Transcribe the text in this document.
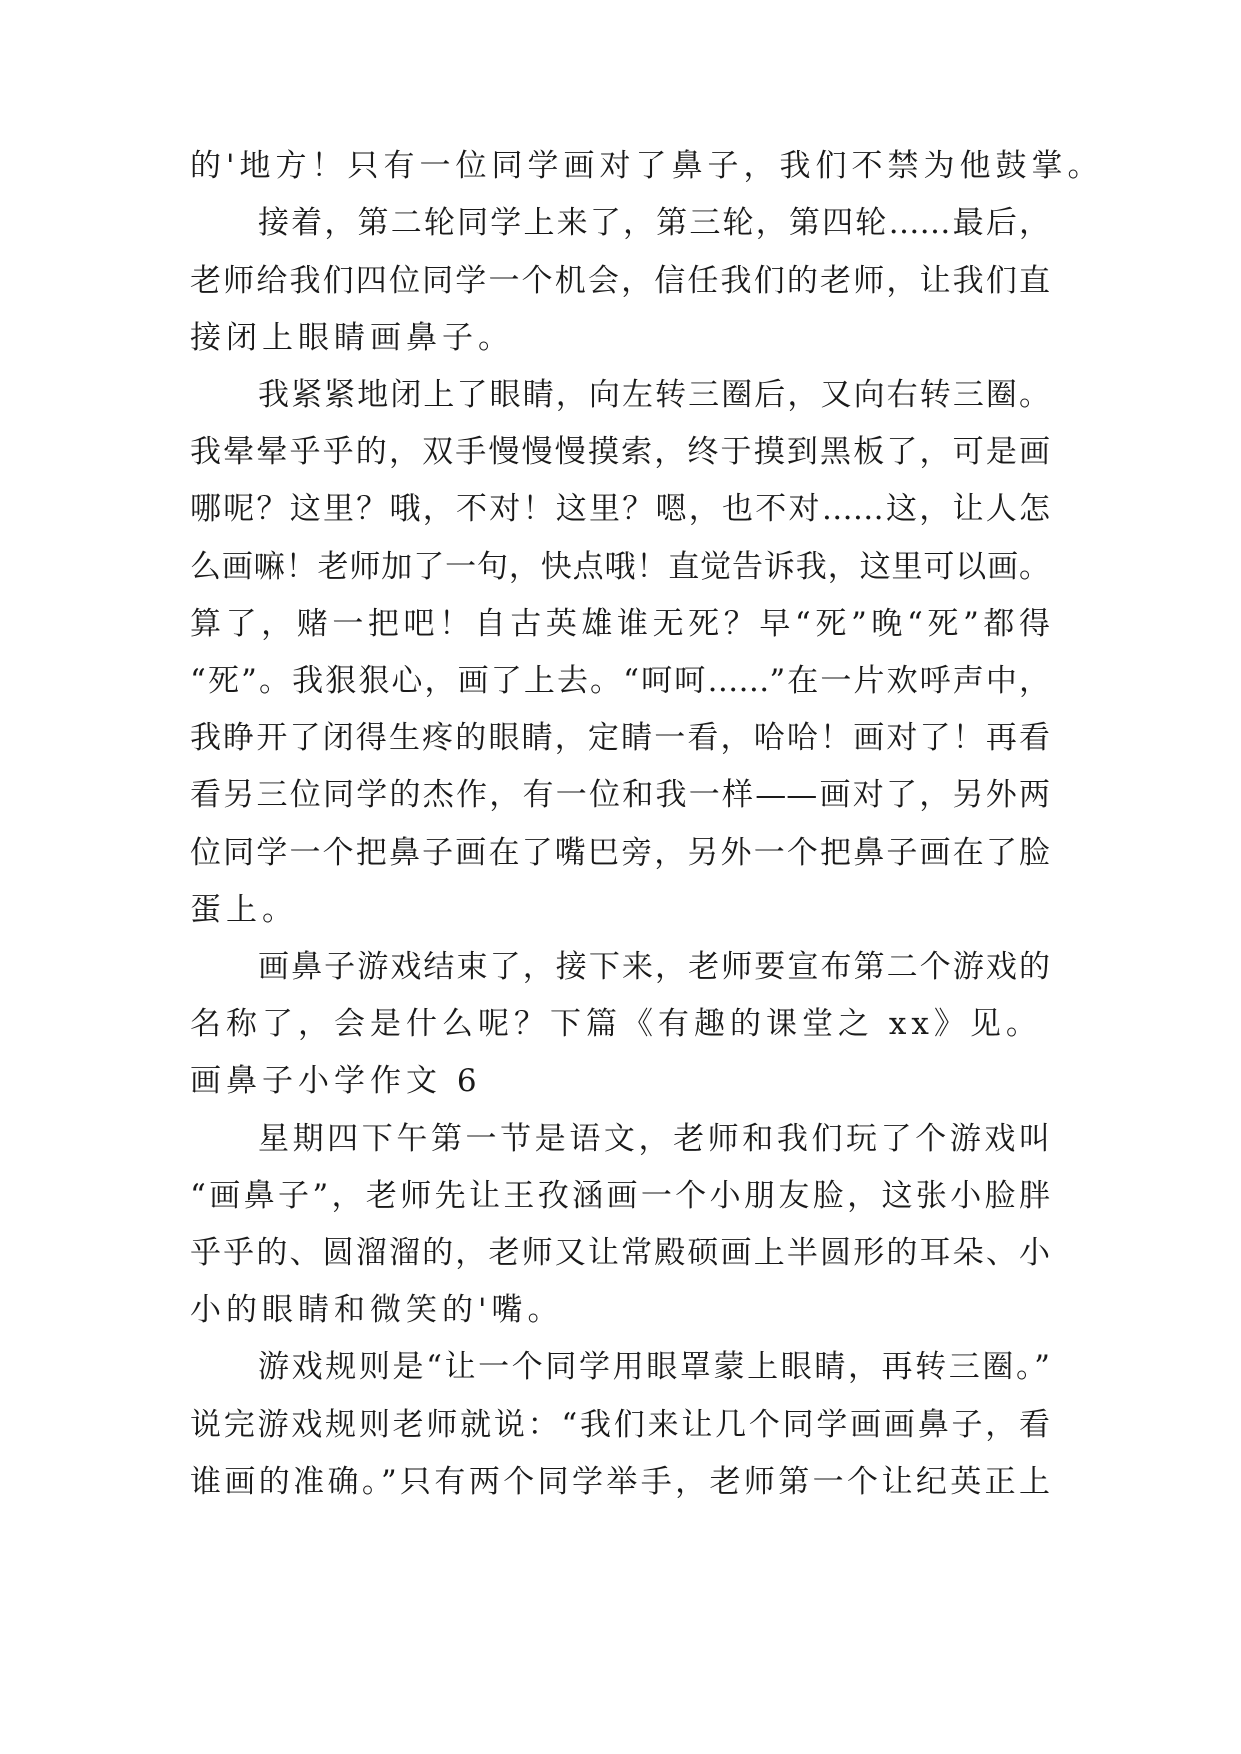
的'地方！只有一位同学画对了鼻子，我们不禁为他鼓掌。
接着，第二轮同学上来了，第三轮，第四轮……最后，
老师给我们四位同学一个机会，信任我们的老师，让我们直
接闭上眼睛画鼻子。
我紧紧地闭上了眼睛，向左转三圈后，又向右转三圈。
我晕晕乎乎的，双手慢慢慢摸索，终于摸到黑板了，可是画
哪呢？这里？哦，不对！这里？嗯，也不对……这，让人怎
么画嘛！老师加了一句，快点哦！直觉告诉我，这里可以画。
算了，赌一把吧！自古英雄谁无死？早“死”晚“死”都得
“死”。我狠狠心，画了上去。“呵呵……”在一片欢呼声中，
我睁开了闭得生疼的眼睛，定睛一看，哈哈！画对了！再看
看另三位同学的杰作，有一位和我一样——画对了，另外两
位同学一个把鼻子画在了嘴巴旁，另外一个把鼻子画在了脸
蛋上。
画鼻子游戏结束了，接下来，老师要宣布第二个游戏的
名称了，会是什么呢？下篇《有趣的课堂之 xx》见。
画鼻子小学作文 6
星期四下午第一节是语文，老师和我们玩了个游戏叫
“画鼻子”，老师先让王孜涵画一个小朋友脸，这张小脸胖
乎乎的、圆溜溜的，老师又让常殿硕画上半圆形的耳朵、小
小的眼睛和微笑的'嘴。
游戏规则是“让一个同学用眼罩蒙上眼睛，再转三圈。”
说完游戏规则老师就说：“我们来让几个同学画画鼻子，看
谁画的准确。”只有两个同学举手，老师第一个让纪英正上
